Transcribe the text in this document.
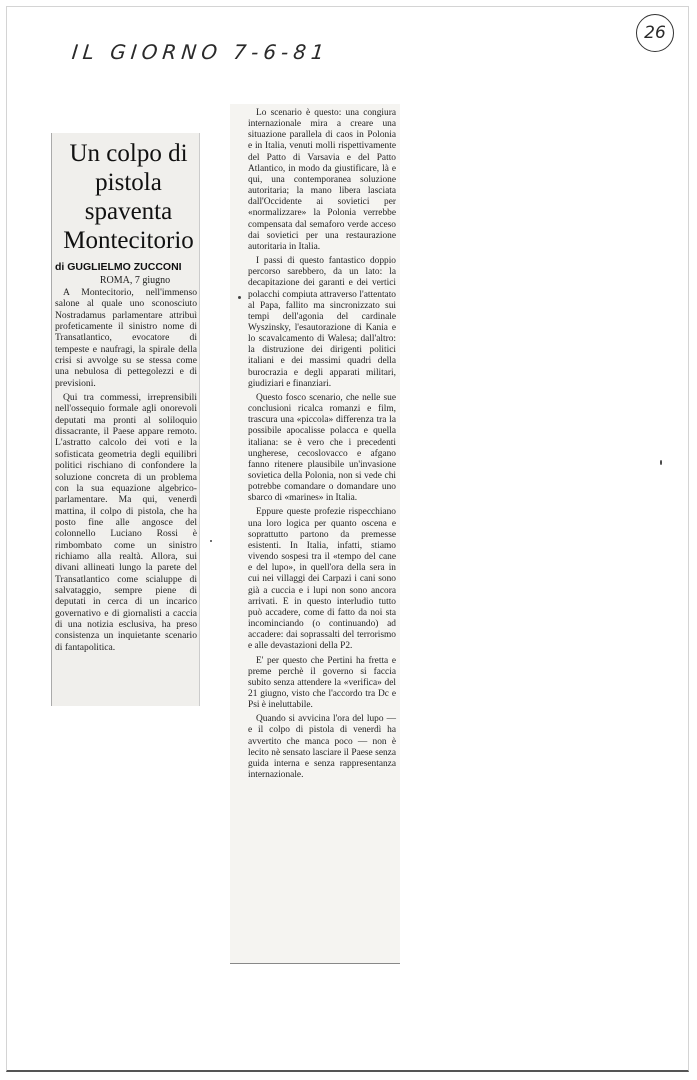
IL GIORNO 7-6-81
26
Un colpo di pistola spaventa Montecitorio
di GUGLIELMO ZUCCONI
ROMA, 7 giugno

A Montecitorio, nell'immenso salone al quale uno sconosciuto Nostradamus parlamentare attribuì profeticamente il sinistro nome di Transatlantico, evocatore di tempeste e naufragi, la spirale della crisi si avvolge su se stessa come una nebulosa di pettegolezzi e di previsioni.

Qui tra commessi, irreprensibili nell'ossequio formale agli onorevoli deputati ma pronti al soliloquio dissacrante, il Paese appare remoto. L'astratto calcolo dei voti e la sofisticata geometria degli equilibri politici rischiano di confondere la soluzione concreta di un problema con la sua equazione algebrico-parlamentare. Ma qui, venerdì mattina, il colpo di pistola, che ha posto fine alle angosce del colonnello Luciano Rossi è rimbombato come un sinistro richiamo alla realtà. Allora, sui divani allineati lungo la parete del Transatlantico come scialuppe di salvataggio, sempre piene di deputati in cerca di un incarico governativo e di giornalisti a caccia di una notizia esclusiva, ha preso consistenza un inquietante scenario di fantapolitica.

Lo scenario è questo: una congiura internazionale mira a creare una situazione parallela di caos in Polonia e in Italia, venuti molli rispettivamente del Patto di Varsavia e del Patto Atlantico, in modo da giustificare, là e qui, una contemporanea soluzione autoritaria; la mano libera lasciata dall'Occidente ai sovietici per «normalizzare» la Polonia verrebbe compensata dal semaforo verde acceso dai sovietici per una restaurazione autoritaria in Italia.

I passi di questo fantastico doppio percorso sarebbero, da un lato: la decapitazione dei garanti e dei vertici polacchi compiuta attraverso l'attentato al Papa, fallito ma sincronizzato sui tempi dell'agonia del cardinale Wyszinsky, l'esautorazione di Kania e lo scavalcamento di Walesa; dall'altro: la distruzione dei dirigenti politici italiani e dei massimi quadri della burocrazia e degli apparati militari, giudiziari e finanziari.

Questo fosco scenario, che nelle sue conclusioni ricalca romanzi e film, trascura una «piccola» differenza tra la possibile apocalisse polacca e quella italiana: se è vero che i precedenti ungherese, cecoslovacco e afgano fanno ritenere plausibile un'invasione sovietica della Polonia, non si vede chi potrebbe comandare o domandare uno sbarco di «marines» in Italia.

Eppure queste profezie rispecchiano una loro logica per quanto oscena e soprattutto partono da premesse esistenti. In Italia, infatti, stiamo vivendo sospesi tra il «tempo del cane e del lupo», in quell'ora della sera in cui nei villaggi dei Carpazi i cani sono già a cuccia e i lupi non sono ancora arrivati. E in questo interludio tutto può accadere, come di fatto da noi sta incominciando (o continuando) ad accadere: dai soprassalti del terrorismo e alle devastazioni della P2.

E' per questo che Pertini ha fretta e preme perchè il governo si faccia subito senza attendere la «verifica» del 21 giugno, visto che l'accordo tra Dc e Psi è ineluttabile.

Quando si avvicina l'ora del lupo — e il colpo di pistola di venerdì ha avvertito che manca poco — non è lecito nè sensato lasciare il Paese senza guida interna e senza rappresentanza internazionale.
